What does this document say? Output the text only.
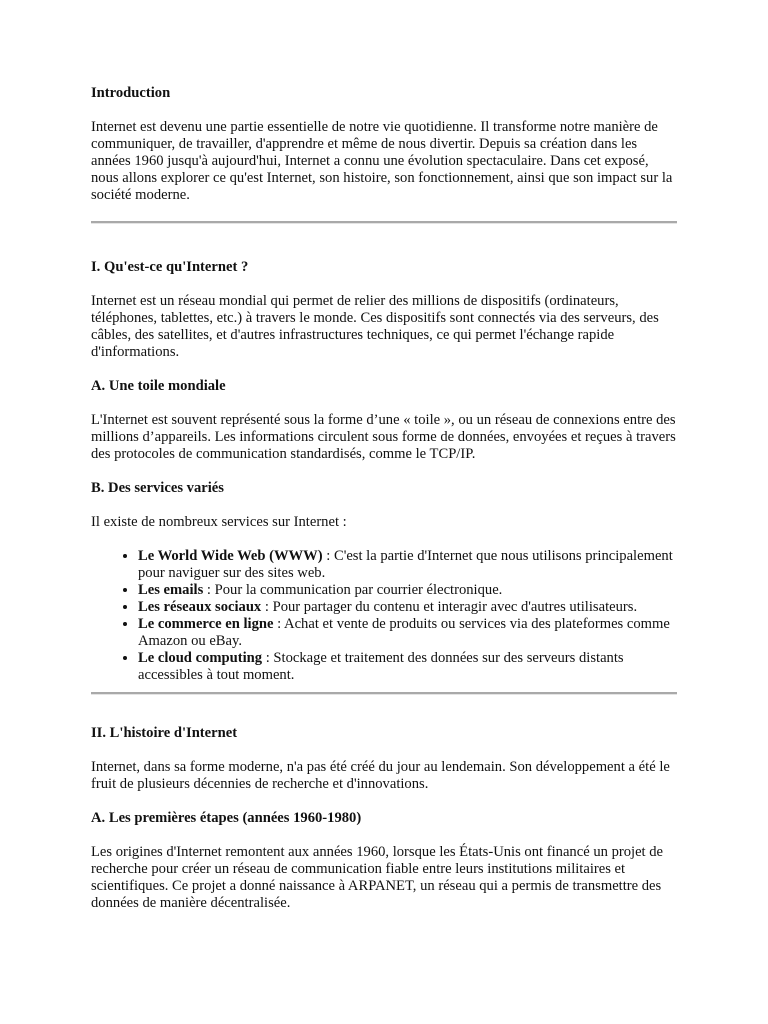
Introduction

Internet est devenu une partie essentielle de notre vie quotidienne. Il transforme notre manière de communiquer, de travailler, d'apprendre et même de nous divertir. Depuis sa création dans les années 1960 jusqu'à aujourd'hui, Internet a connu une évolution spectaculaire. Dans cet exposé, nous allons explorer ce qu'est Internet, son histoire, son fonctionnement, ainsi que son impact sur la société moderne.

I. Qu'est-ce qu'Internet ?

Internet est un réseau mondial qui permet de relier des millions de dispositifs (ordinateurs, téléphones, tablettes, etc.) à travers le monde. Ces dispositifs sont connectés via des serveurs, des câbles, des satellites, et d'autres infrastructures techniques, ce qui permet l'échange rapide d'informations.

A. Une toile mondiale

L'Internet est souvent représenté sous la forme d’une « toile », ou un réseau de connexions entre des millions d’appareils. Les informations circulent sous forme de données, envoyées et reçues à travers des protocoles de communication standardisés, comme le TCP/IP.

B. Des services variés

Il existe de nombreux services sur Internet :

• Le World Wide Web (WWW) : C'est la partie d'Internet que nous utilisons principalement pour naviguer sur des sites web.
• Les emails : Pour la communication par courrier électronique.
• Les réseaux sociaux : Pour partager du contenu et interagir avec d'autres utilisateurs.
• Le commerce en ligne : Achat et vente de produits ou services via des plateformes comme Amazon ou eBay.
• Le cloud computing : Stockage et traitement des données sur des serveurs distants accessibles à tout moment.
II. L'histoire d'Internet

Internet, dans sa forme moderne, n'a pas été créé du jour au lendemain. Son développement a été le fruit de plusieurs décennies de recherche et d'innovations.

A. Les premières étapes (années 1960-1980)

Les origines d'Internet remontent aux années 1960, lorsque les États-Unis ont financé un projet de recherche pour créer un réseau de communication fiable entre leurs institutions militaires et scientifiques. Ce projet a donné naissance à ARPANET, un réseau qui a permis de transmettre des données de manière décentralisée.
